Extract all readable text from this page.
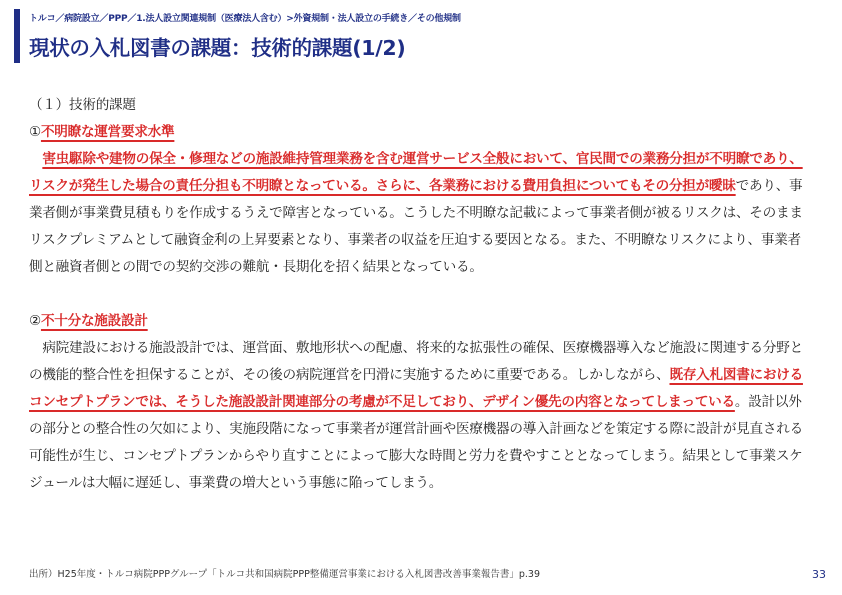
トルコ／病院設立／PPP／1.法人設立関連規制（医療法人含む）>外資規制・法人設立の手続き／その他規制
現状の入札図書の課題：技術的課題(1/2)

（１）技術的課題

①不明瞭な運営要求水準

　害虫駆除や建物の保全・修理などの施設維持管理業務を含む運営サービス全般において、官民間での業務分担が不明瞭であり、リスクが発生した場合の責任分担も不明瞭となっている。さらに、各業務における費用負担についてもその分担が曖昧であり、事業者側が事業費見積もりを作成するうえで障害となっている。こうした不明瞭な記載によって事業者側が被るリスクは、そのままリスクプレミアムとして融資金利の上昇要素となり、事業者の収益を圧迫する要因となる。また、不明瞭なリスクにより、事業者側と融資者側との間での契約交渉の難航・長期化を招く結果となっている。

②不十分な施設設計

　病院建設における施設設計では、運営面、敷地形状への配慮、将来的な拡張性の確保、医療機器導入など施設に関連する分野との機能的整合性を担保することが、その後の病院運営を円滑に実施するために重要である。しかしながら、既存入札図書におけるコンセプトプランでは、そうした施設設計関連部分の考慮が不足しており、デザイン優先の内容となってしまっている。設計以外の部分との整合性の欠如により、実施段階になって事業者が運営計画や医療機器の導入計画などを策定する際に設計が見直される可能性が生じ、コンセプトプランからやり直すことによって膨大な時間と労力を費やすこととなってしまう。結果として事業スケジュールは大幅に遅延し、事業費の増大という事態に陥ってしまう。

出所）H25年度・トルコ病院PPPグループ「トルコ共和国病院PPP整備運営事業における入札図書改善事業報告書」p.39	33
